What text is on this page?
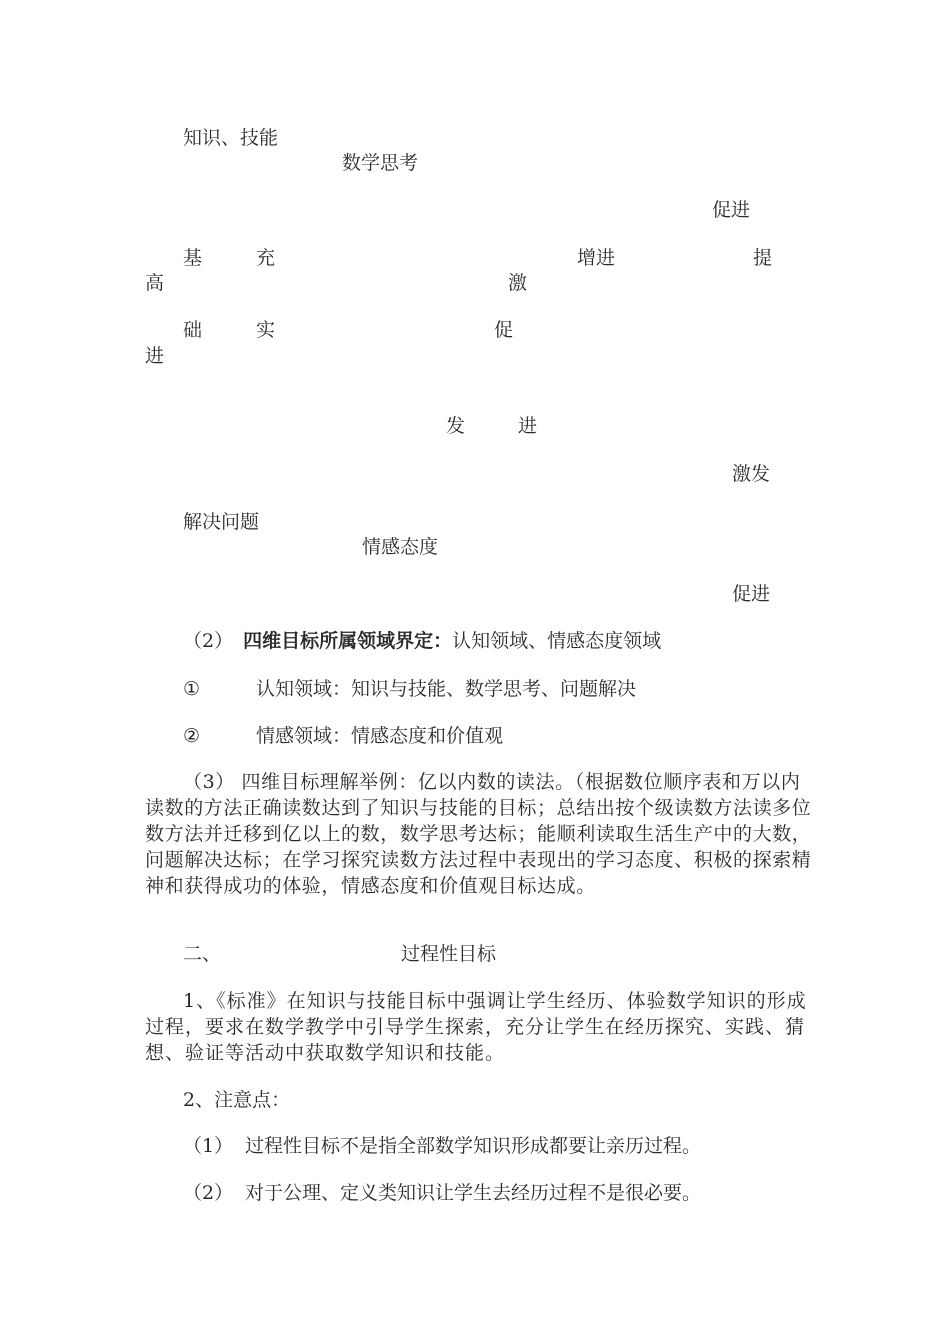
知识、技能
数学思考
促进
基	充	增进	提
高	激
础	实	促
进
发	进
激发
解决问题
情感态度
促进
（2） 四维目标所属领域界定：认知领域、情感态度领域
①	认知领域：知识与技能、数学思考、问题解决
②	情感领域：情感态度和价值观
（3） 四维目标理解举例：亿以内数的读法。（根据数位顺序表和万以内读数的方法正确读数达到了知识与技能的目标；总结出按个级读数方法读多位数方法并迁移到亿以上的数，数学思考达标；能顺利读取生活生产中的大数，问题解决达标；在学习探究读数方法过程中表现出的学习态度、积极的探索精神和获得成功的体验，情感态度和价值观目标达成。
二、	过程性目标
1、《标准》在知识与技能目标中强调让学生经历、体验数学知识的形成过程，要求在数学教学中引导学生探索，充分让学生在经历探究、实践、猜想、验证等活动中获取数学知识和技能。
2、注意点：
（1） 过程性目标不是指全部数学知识形成都要让亲历过程。
（2） 对于公理、定义类知识让学生去经历过程不是很必要。
